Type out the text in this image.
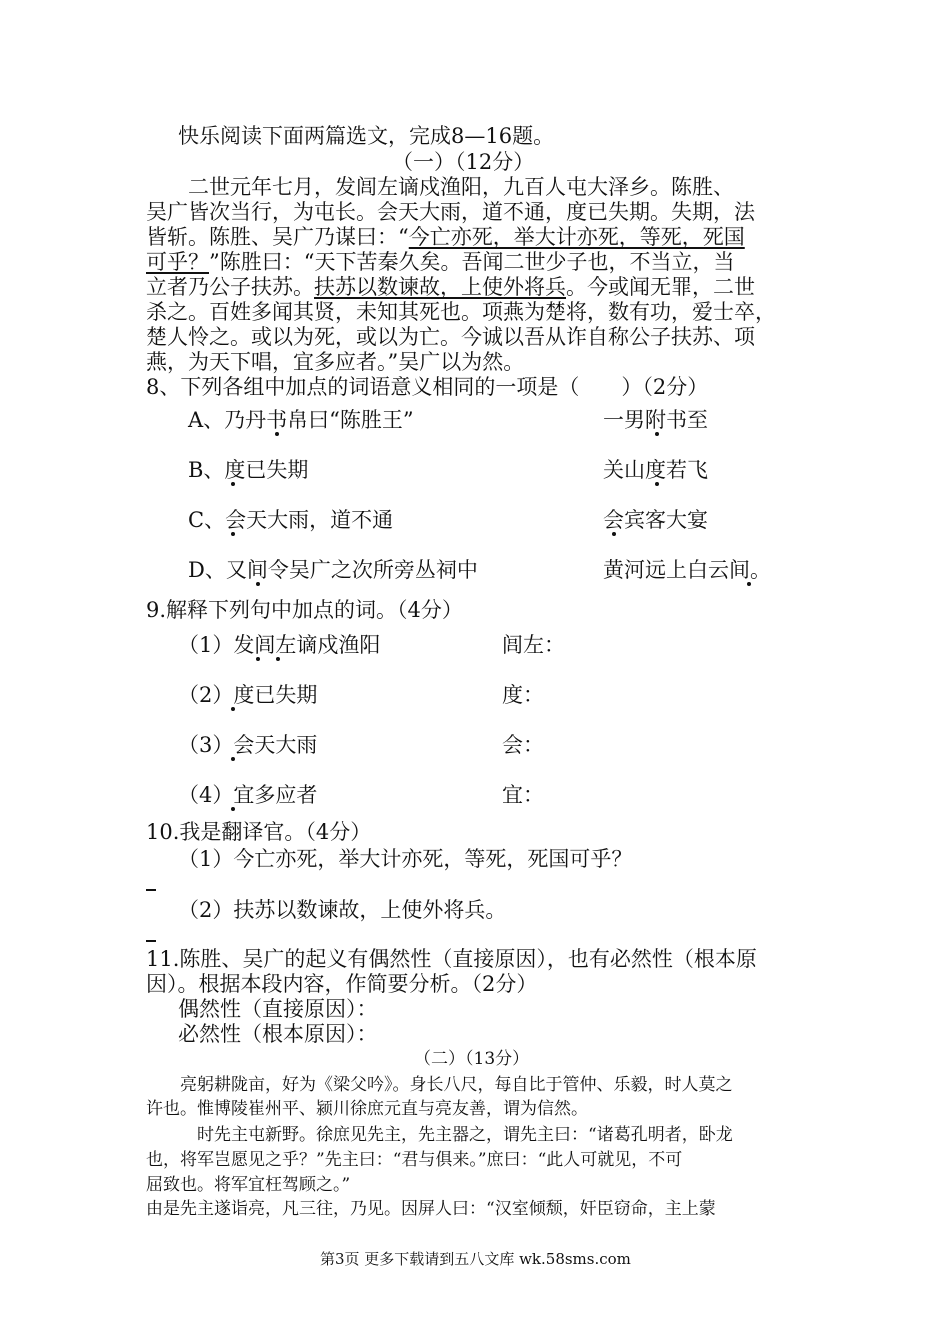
快乐阅读下面两篇选文，完成8—16题。
（一）（12分）
　　二世元年七月，发闾左谪戍渔阳，九百人屯大泽乡。陈胜、
吴广皆次当行，为屯长。会天大雨，道不通，度已失期。失期，法
皆斩。陈胜、吴广乃谋曰：“今亡亦死，举大计亦死，等死，死国
可乎？”陈胜曰：“天下苦秦久矣。吾闻二世少子也，不当立，当
立者乃公子扶苏。扶苏以数谏故，上使外将兵。今或闻无罪，二世
杀之。百姓多闻其贤，未知其死也。项燕为楚将，数有功，爱士卒，
楚人怜之。或以为死，或以为亡。今诚以吾从诈自称公子扶苏、项
燕，为天下唱，宜多应者。”吴广以为然。
8、下列各组中加点的词语意义相同的一项是（　　）（2分）
A、乃丹书帛曰“陈胜王”	一男附书至
B、度已失期	关山度若飞
C、会天大雨，道不通	会宾客大宴
D、又间令吴广之次所旁丛祠中	黄河远上白云间。
9.解释下列句中加点的词。（4分）
（1）发闾左谪戍渔阳	闾左：
（2）度已失期	度：
（3）会天大雨	会：
（4）宜多应者	宜：
10.我是翻译官。（4分）
（1）今亡亦死，举大计亦死，等死，死国可乎？
（2）扶苏以数谏故，上使外将兵。
11.陈胜、吴广的起义有偶然性（直接原因），也有必然性（根本原
因）。根据本段内容，作简要分析。（2分）
偶然性（直接原因）：
必然性（根本原因）：
（二）（13分）
　　亮躬耕陇亩，好为《梁父吟》。身长八尺，每自比于管仲、乐毅，时人莫之
许也。惟博陵崔州平、颍川徐庶元直与亮友善，谓为信然。
　　　时先主屯新野。徐庶见先主，先主器之，谓先主曰：“诸葛孔明者，卧龙
也，将军岂愿见之乎？”先主曰：“君与俱来。”庶曰：“此人可就见，不可
屈致也。将军宜枉驾顾之。”
由是先主遂诣亮，凡三往，乃见。因屏人曰：“汉室倾颓，奸臣窃命，主上蒙
第3页 更多下载请到五八文库 wk.58sms.com
